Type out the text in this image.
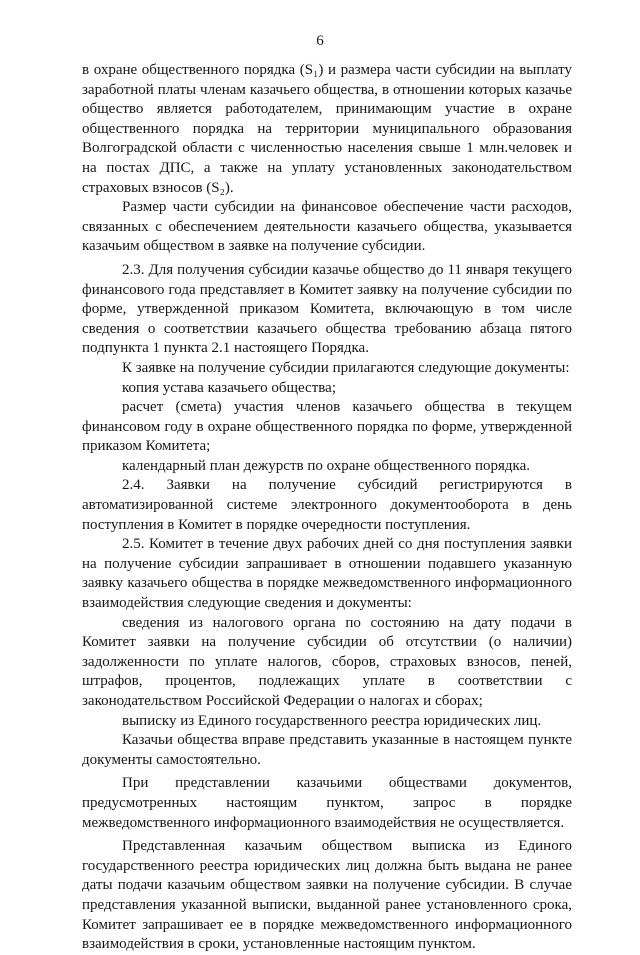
6

в охране общественного порядка (S₁) и размера части субсидии на выплату заработной платы членам казачьего общества, в отношении которых казачье общество является работодателем, принимающим участие в охране общественного порядка на территории муниципального образования Волгоградской области с численностью населения свыше 1 млн.человек и на постах ДПС, а также на уплату установленных законодательством страховых взносов (S₂).

Размер части субсидии на финансовое обеспечение части расходов, связанных с обеспечением деятельности казачьего общества, указывается казачьим обществом в заявке на получение субсидии.

2.3. Для получения субсидии казачье общество до 11 января текущего финансового года представляет в Комитет заявку на получение субсидии по форме, утвержденной приказом Комитета, включающую в том числе сведения о соответствии казачьего общества требованию абзаца пятого подпункта 1 пункта 2.1 настоящего Порядка.

К заявке на получение субсидии прилагаются следующие документы:

копия устава казачьего общества;

расчет (смета) участия членов казачьего общества в текущем финансовом году в охране общественного порядка по форме, утвержденной приказом Комитета;

календарный план дежурств по охране общественного порядка.

2.4. Заявки на получение субсидий регистрируются в автоматизированной системе электронного документооборота в день поступления в Комитет в порядке очередности поступления.

2.5. Комитет в течение двух рабочих дней со дня поступления заявки на получение субсидии запрашивает в отношении подавшего указанную заявку казачьего общества в порядке межведомственного информационного взаимодействия следующие сведения и документы:

сведения из налогового органа по состоянию на дату подачи в Комитет заявки на получение субсидии об отсутствии (о наличии) задолженности по уплате налогов, сборов, страховых взносов, пеней, штрафов, процентов, подлежащих уплате в соответствии с законодательством Российской Федерации о налогах и сборах;

выписку из Единого государственного реестра юридических лиц.

Казачьи общества вправе представить указанные в настоящем пункте документы самостоятельно.

При представлении казачьими обществами документов, предусмотренных настоящим пунктом, запрос в порядке межведомственного информационного взаимодействия не осуществляется.

Представленная казачьим обществом выписка из Единого государственного реестра юридических лиц должна быть выдана не ранее даты подачи казачьим обществом заявки на получение субсидии. В случае представления указанной выписки, выданной ранее установленного срока, Комитет запрашивает ее в порядке межведомственного информационного взаимодействия в сроки, установленные настоящим пунктом.
